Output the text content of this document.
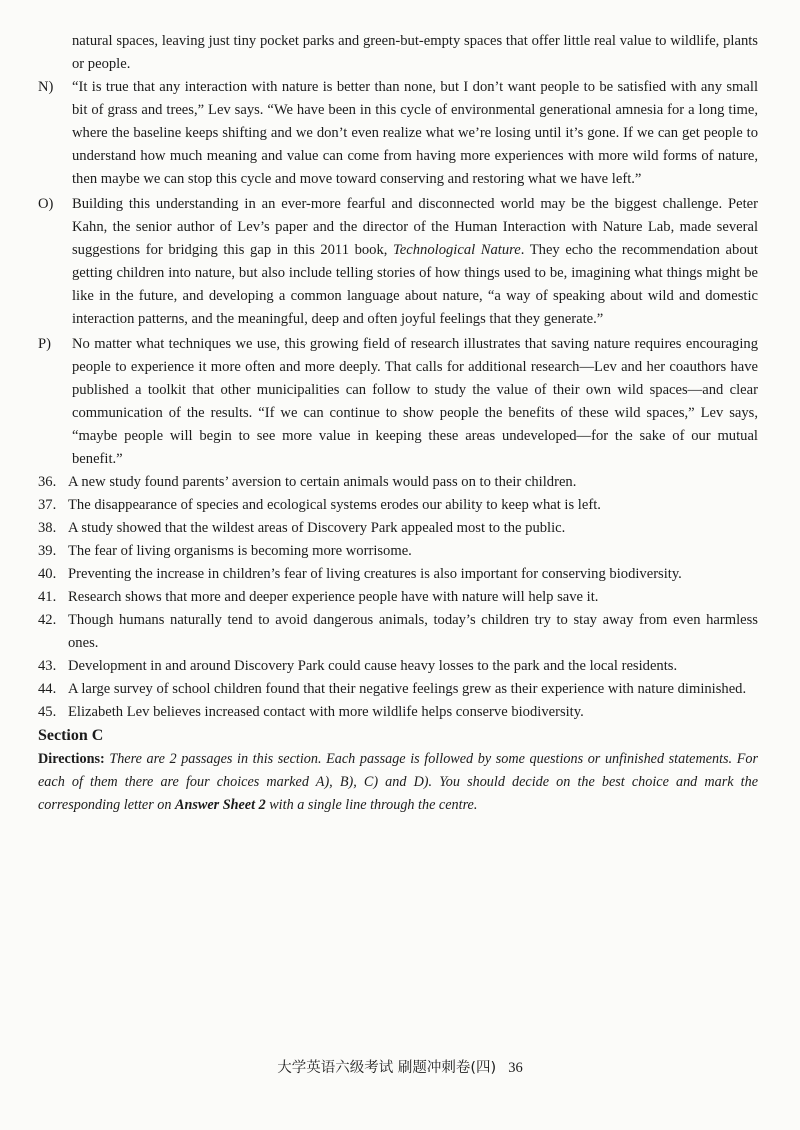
natural spaces, leaving just tiny pocket parks and green-but-empty spaces that offer little real value to wildlife, plants or people.
N)	“It is true that any interaction with nature is better than none, but I don’t want people to be satisfied with any small bit of grass and trees,” Lev says. “We have been in this cycle of environmental generational amnesia for a long time, where the baseline keeps shifting and we don’t even realize what we’re losing until it’s gone. If we can get people to understand how much meaning and value can come from having more experiences with more wild forms of nature, then maybe we can stop this cycle and move toward conserving and restoring what we have left.”
O)	Building this understanding in an ever-more fearful and disconnected world may be the biggest challenge. Peter Kahn, the senior author of Lev’s paper and the director of the Human Interaction with Nature Lab, made several suggestions for bridging this gap in this 2011 book, Technological Nature. They echo the recommendation about getting children into nature, but also include telling stories of how things used to be, imagining what things might be like in the future, and developing a common language about nature, “a way of speaking about wild and domestic interaction patterns, and the meaningful, deep and often joyful feelings that they generate.”
P)	No matter what techniques we use, this growing field of research illustrates that saving nature requires encouraging people to experience it more often and more deeply. That calls for additional research—Lev and her coauthors have published a toolkit that other municipalities can follow to study the value of their own wild spaces—and clear communication of the results. “If we can continue to show people the benefits of these wild spaces,” Lev says, “maybe people will begin to see more value in keeping these areas undeveloped—for the sake of our mutual benefit.”
36. A new study found parents’ aversion to certain animals would pass on to their children.
37. The disappearance of species and ecological systems erodes our ability to keep what is left.
38. A study showed that the wildest areas of Discovery Park appealed most to the public.
39. The fear of living organisms is becoming more worrisome.
40. Preventing the increase in children’s fear of living creatures is also important for conserving biodiversity.
41. Research shows that more and deeper experience people have with nature will help save it.
42. Though humans naturally tend to avoid dangerous animals, today’s children try to stay away from even harmless ones.
43. Development in and around Discovery Park could cause heavy losses to the park and the local residents.
44. A large survey of school children found that their negative feelings grew as their experience with nature diminished.
45. Elizabeth Lev believes increased contact with more wildlife helps conserve biodiversity.
Section C
Directions: There are 2 passages in this section. Each passage is followed by some questions or unfinished statements. For each of them there are four choices marked A), B), C) and D). You should decide on the best choice and mark the corresponding letter on Answer Sheet 2 with a single line through the centre.
大学英语六级考试 刷题冲刺卷(四) 36
